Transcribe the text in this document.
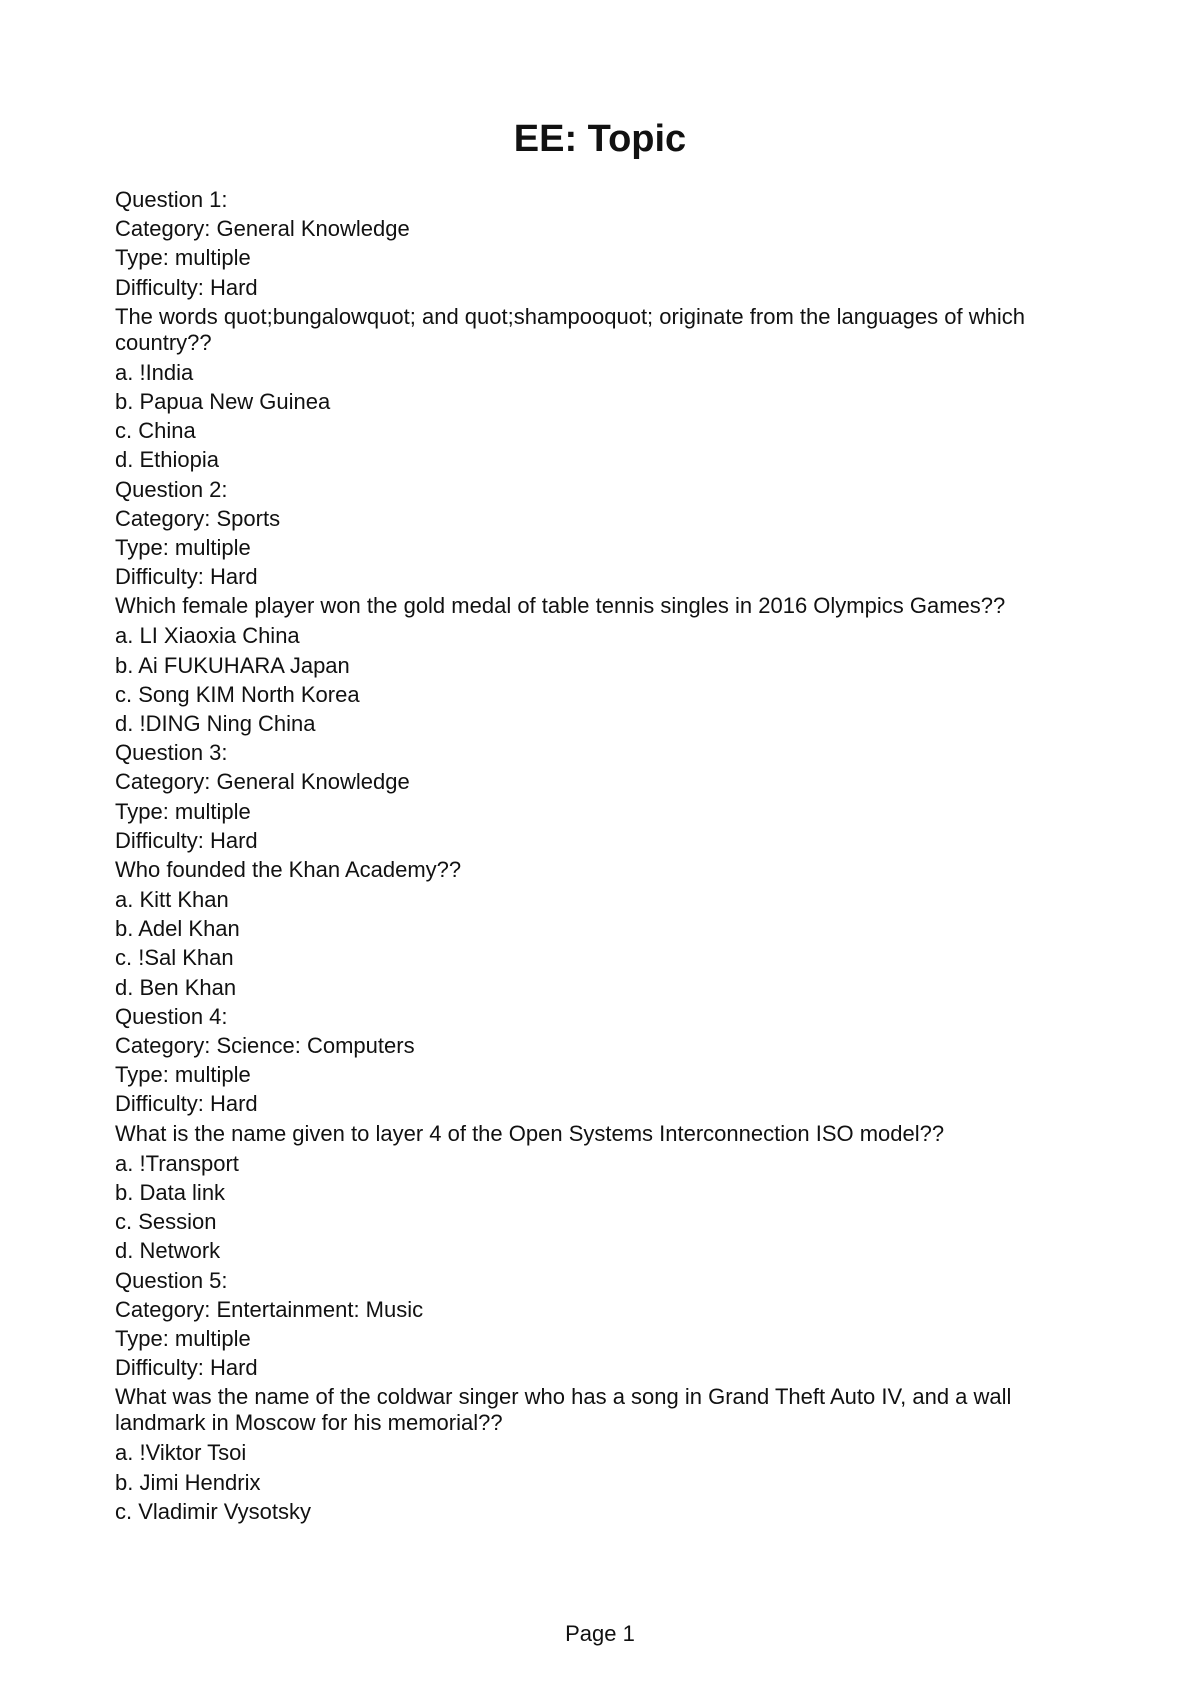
EE: Topic
Question 1:
Category: General Knowledge
Type: multiple
Difficulty: Hard
The words quot;bungalowquot; and quot;shampooquot; originate from the languages of which country??
a. !India
b. Papua New Guinea
c. China
d. Ethiopia
Question 2:
Category: Sports
Type: multiple
Difficulty: Hard
Which female player won the gold medal of table tennis singles in 2016 Olympics Games??
a. LI Xiaoxia China
b. Ai FUKUHARA Japan
c. Song KIM North Korea
d. !DING Ning China
Question 3:
Category: General Knowledge
Type: multiple
Difficulty: Hard
Who founded the Khan Academy??
a. Kitt Khan
b. Adel Khan
c. !Sal Khan
d. Ben Khan
Question 4:
Category: Science: Computers
Type: multiple
Difficulty: Hard
What is the name given to layer 4 of the Open Systems Interconnection ISO model??
a. !Transport
b. Data link
c. Session
d. Network
Question 5:
Category: Entertainment: Music
Type: multiple
Difficulty: Hard
What was the name of the coldwar singer who has a song in Grand Theft Auto IV, and a wall landmark in Moscow for his memorial??
a. !Viktor Tsoi
b. Jimi Hendrix
c. Vladimir Vysotsky
Page 1
